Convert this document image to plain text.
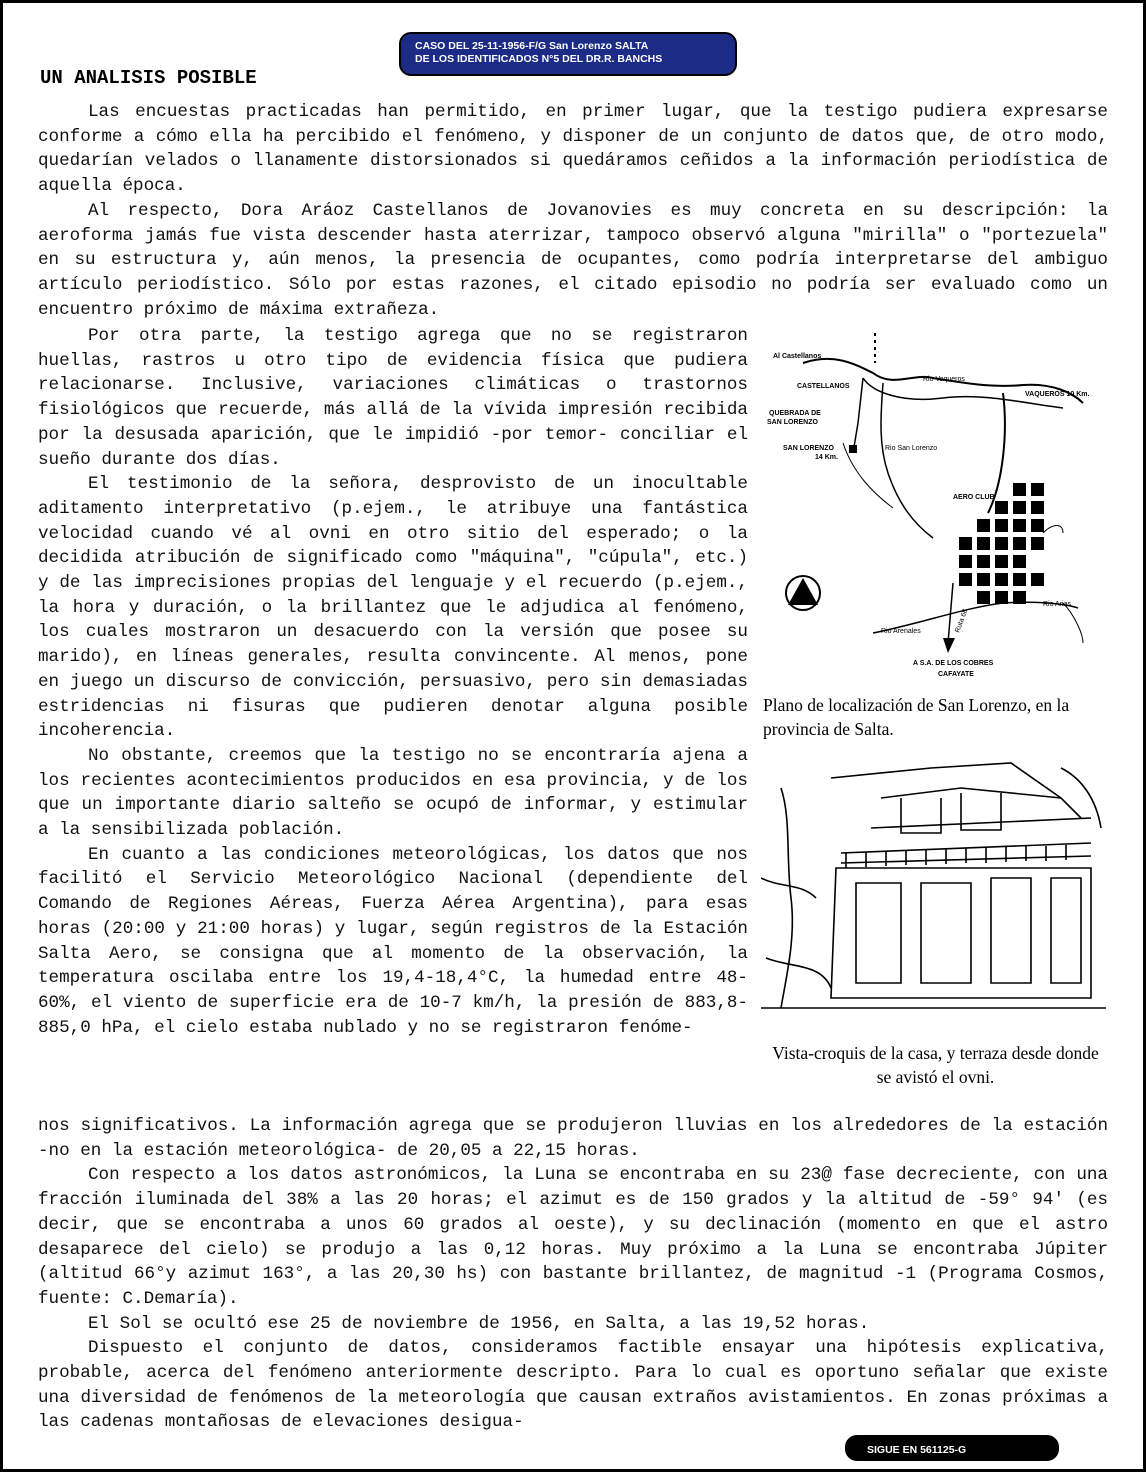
CASO DEL 25-11-1956-F/G San Lorenzo SALTA
DE LOS IDENTIFICADOS N°5 DEL DR.R. BANCHS
UN ANALISIS POSIBLE

Las encuestas practicadas han permitido, en primer lugar, que la testigo pudiera expresarse conforme a cómo ella ha percibido el fenómeno, y disponer de un conjunto de datos que, de otro modo, quedarían velados o llanamente distorsionados si quedáramos ceñidos a la información periodística de aquella época.

Al respecto, Dora Aráoz Castellanos de Jovanovies es muy concreta en su descripción: la aeroforma jamás fue vista descender hasta aterrizar, tampoco observó alguna "mirilla" o "portezuela" en su estructura y, aún menos, la presencia de ocupantes, como podría interpretarse del ambiguo artículo periodístico. Sólo por estas razones, el citado episodio no podría ser evaluado como un encuentro próximo de máxima extrañeza.

Por otra parte, la testigo agrega que no se registraron huellas, rastros u otro tipo de evidencia física que pudiera relacionarse. Inclusive, variaciones climáticas o trastornos fisiológicos que recuerde, más allá de la vívida impresión recibida por la desusada aparición, que le impidió -por temor- conciliar el sueño durante dos días.

El testimonio de la señora, desprovisto de un inocultable aditamento interpretativo (p.ejem., le atribuye una fantástica velocidad cuando vé al ovni en otro sitio del esperado; o la decidida atribución de significado como "máquina", "cúpula", etc.) y de las imprecisiones propias del lenguaje y el recuerdo (p.ejem., la hora y duración, o la brillantez que le adjudica al fenómeno, los cuales mostraron un desacuerdo con la versión que posee su marido), en líneas generales, resulta convincente. Al menos, pone en juego un discurso de convicción, persuasivo, pero sin demasiadas estridencias ni fisuras que pudieren denotar alguna posible incoherencia.

No obstante, creemos que la testigo no se encontraría ajena a los recientes acontecimientos producidos en esa provincia, y de los que un importante diario salteño se ocupó de informar, y estimular a la sensibilizada población.

En cuanto a las condiciones meteorológicas, los datos que nos facilitó el Servicio Meteorológico Nacional (dependiente del Comando de Regiones Aéreas, Fuerza Aérea Argentina), para esas horas (20:00 y 21:00 horas) y lugar, según registros de la Estación Salta Aero, se consigna que al momento de la observación, la temperatura oscilaba entre los 19,4-18,4°C, la humedad entre 48-60%, el viento de superficie era de 10-7 km/h, la presión de 883,8-885,0 hPa, el cielo estaba nublado y no se registraron fenóme-

nos significativos. La información agrega que se produjeron lluvias en los alrededores de la estación -no en la estación meteorológica- de 20,05 a 22,15 horas.

Con respecto a los datos astronómicos, la Luna se encontraba en su 23@ fase decreciente, con una fracción iluminada del 38% a las 20 horas; el azimut es de 150 grados y la altitud de -59° 94' (es decir, que se encontraba a unos 60 grados al oeste), y su declinación (momento en que el astro desaparece del cielo) se produjo a las 0,12 horas. Muy próximo a la Luna se encontraba Júpiter (altitud 66°y azimut 163°, a las 20,30 hs) con bastante brillantez, de magnitud -1 (Programa Cosmos, fuente: C.Demaría).

El Sol se ocultó ese 25 de noviembre de 1956, en Salta, a las 19,52 horas.

Dispuesto el conjunto de datos, consideramos factible ensayar una hipótesis explicativa, probable, acerca del fenómeno anteriormente descripto. Para lo cual es oportuno señalar que existe una diversidad de fenómenos de la meteorología que causan extraños avistamientos. En zonas próximas a las cadenas montañosas de elevaciones desigua-

Al Castellanos
CASTELLANOS
Rio Vaqueros
VAQUEROS 10 Km.
QUEBRADA DE
SAN LORENZO
SAN LORENZO
14 Km.
Rio San Lorenzo
AERO CLUB
Rio Arias
Rio Arenales	Ruta 68
A S.A. DE LOS COBRES
CAFAYATE
Plano de localización de San Lorenzo, en la provincia de Salta.
Vista-croquis de la casa, y terraza desde donde se avistó el ovni.
SIGUE EN 561125-G
